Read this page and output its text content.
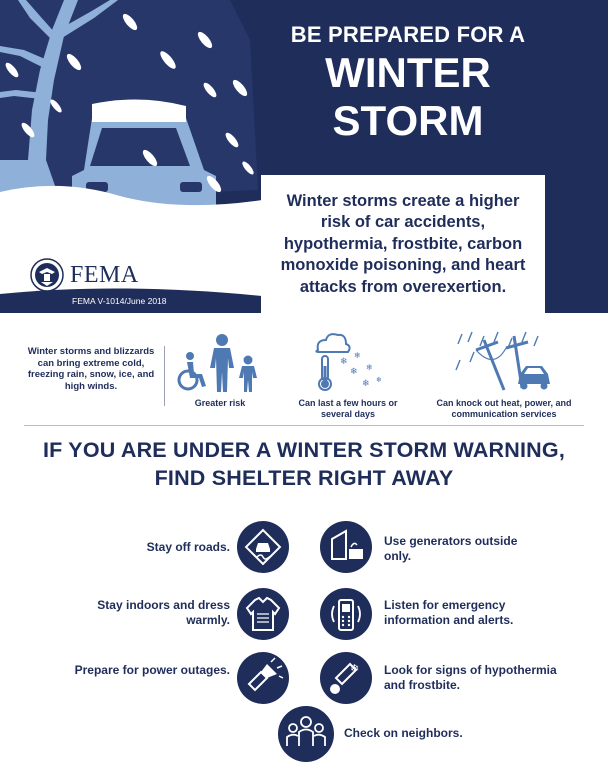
BE PREPARED FOR A
WINTER
STORM
Winter storms create a higher risk of car accidents, hypothermia, frostbite, carbon monoxide poisoning, and heart attacks from overexertion.
FEMA
FEMA V-1014/June 2018
Winter storms and blizzards can bring extreme cold, freezing rain, snow, ice, and high winds.
Greater risk
❄
❄
❄ ❄
❄ ❄
Can last a few hours or several days
Can knock out heat, power, and communication services
IF YOU ARE UNDER A WINTER STORM WARNING,
FIND SHELTER RIGHT AWAY
Stay off roads.	Use generators outside only.
Stay indoors and dress warmly.
Listen for emergency information and alerts.
Prepare for power outages.	❄ Look for signs of hypothermia and frostbite.
Check on neighbors.
